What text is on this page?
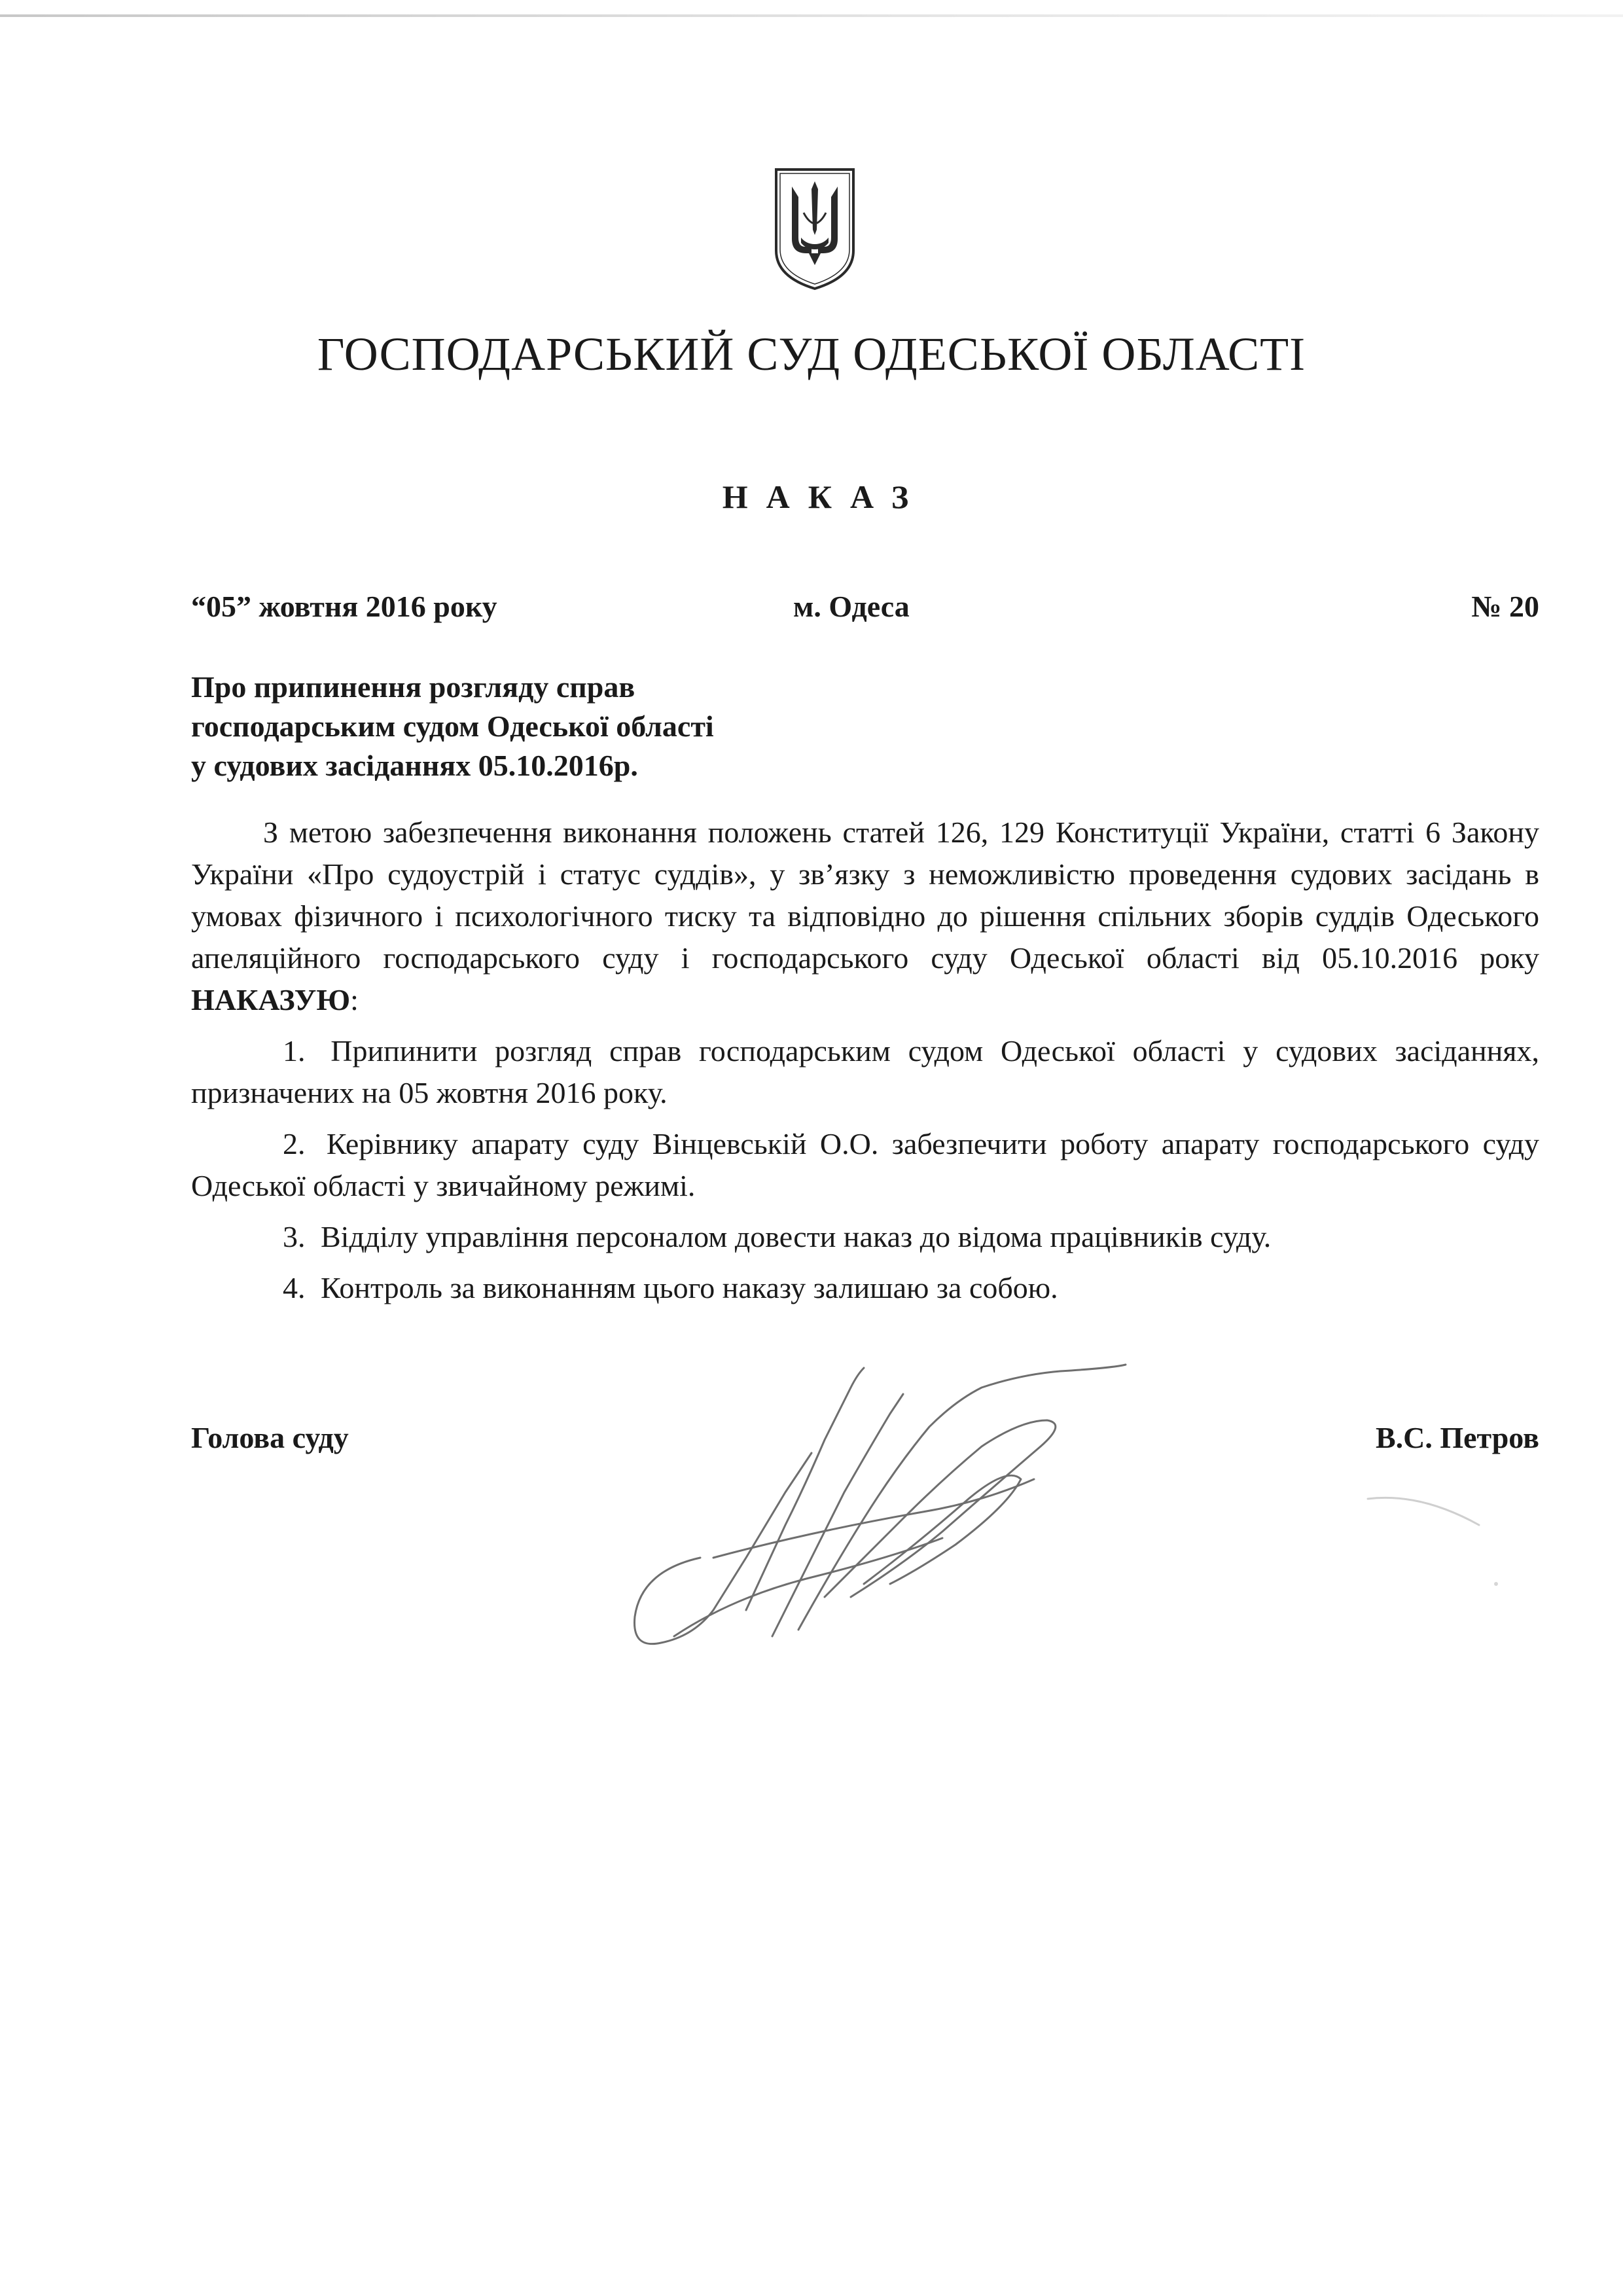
ГОСПОДАРСЬКИЙ СУД ОДЕСЬКОЇ ОБЛАСТІ
НАКАЗ
“05” жовтня 2016 року	м. Одеса	№ 20
Про припинення розгляду справ
господарським судом Одеської області
у судових засіданнях 05.10.2016р.

З метою забезпечення виконання положень статей 126, 129 Конституції України, статті 6 Закону України «Про судоустрій і статус суддів», у зв’язку з неможливістю проведення судових засідань в умовах фізичного і психологічного тиску та відповідно до рішення спільних зборів суддів Одеського апеляційного господарського суду і господарського суду Одеської області від 05.10.2016 року НАКАЗУЮ:

1. Припинити розгляд справ господарським судом Одеської області у судових засіданнях, призначених на 05 жовтня 2016 року.

2. Керівнику апарату суду Вінцевській О.О. забезпечити роботу апарату господарського суду Одеської області у звичайному режимі.

3. Відділу управління персоналом довести наказ до відома працівників суду.

4. Контроль за виконанням цього наказу залишаю за собою.

Голова суду	В.С. Петров
